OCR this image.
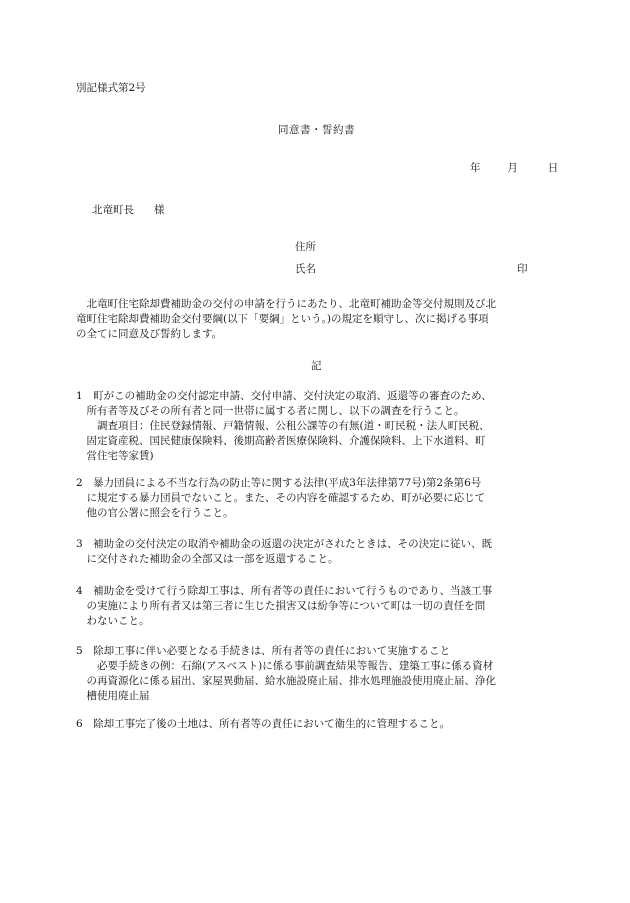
別記様式第2号
同意書・誓約書
年	月	日
北竜町長 様
住所
氏名	印
　北竜町住宅除却費補助金の交付の申請を行うにあたり、北竜町補助金等交付規則及び北
竜町住宅除却費補助金交付要綱(以下「要綱」という。)の規定を順守し、次に掲げる事項
の全てに同意及び誓約します。
記
1　町がこの補助金の交付認定申請、交付申請、交付決定の取消、返還等の審査のため、
　所有者等及びその所有者と同一世帯に属する者に関し、以下の調査を行うこと。
　　調査項目：住民登録情報、戸籍情報、公租公課等の有無(道・町民税・法人町民税、
　固定資産税、国民健康保険料、後期高齢者医療保険料、介護保険料、上下水道料、町
　営住宅等家賃)
2　暴力団員による不当な行為の防止等に関する法律(平成3年法律第77号)第2条第6号
　に規定する暴力団員でないこと。また、その内容を確認するため、町が必要に応じて
　他の官公署に照会を行うこと。
3　補助金の交付決定の取消や補助金の返還の決定がされたときは、その決定に従い、既
　に交付された補助金の全部又は一部を返還すること。
4　補助金を受けて行う除却工事は、所有者等の責任において行うものであり、当該工事
　の実施により所有者又は第三者に生じた損害又は紛争等について町は一切の責任を問
　わないこと。
5　除却工事に伴い必要となる手続きは、所有者等の責任において実施すること
　　必要手続きの例：石綿(アスベスト)に係る事前調査結果等報告、建築工事に係る資材
　の再資源化に係る届出、家屋異動届、給水施設廃止届、排水処理施設使用廃止届、浄化
　槽使用廃止届
6　除却工事完了後の土地は、所有者等の責任において衛生的に管理すること。
